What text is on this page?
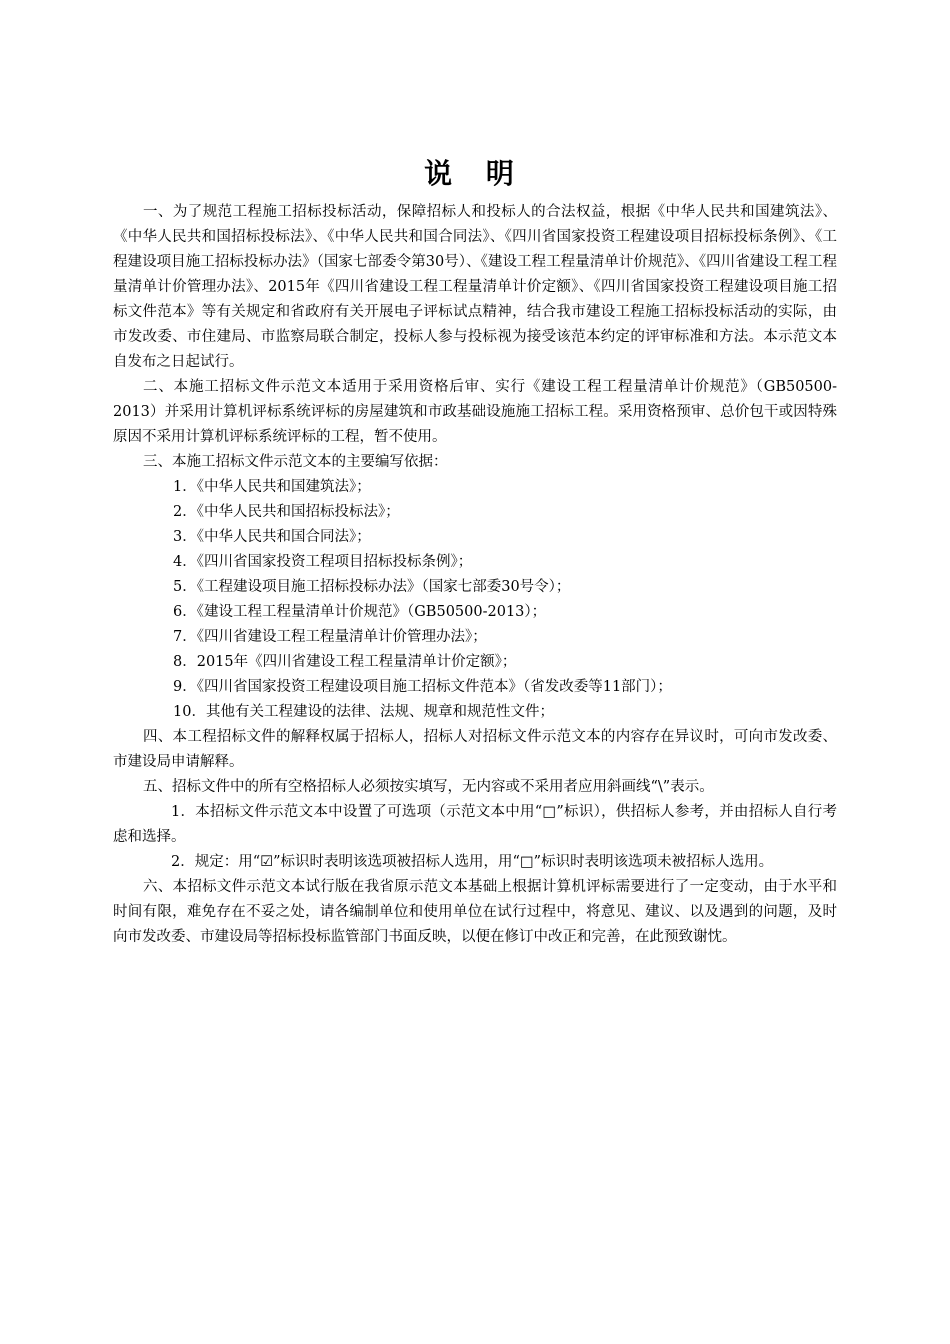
说 明

一、为了规范工程施工招标投标活动，保障招标人和投标人的合法权益，根据《中华人民共和国建筑法》、《中华人民共和国招标投标法》、《中华人民共和国合同法》、《四川省国家投资工程建设项目招标投标条例》、《工程建设项目施工招标投标办法》（国家七部委令第30号）、《建设工程工程量清单计价规范》、《四川省建设工程工程量清单计价管理办法》、2015年《四川省建设工程工程量清单计价定额》、《四川省国家投资工程建设项目施工招标文件范本》等有关规定和省政府有关开展电子评标试点精神，结合我市建设工程施工招标投标活动的实际，由市发改委、市住建局、市监察局联合制定，投标人参与投标视为接受该范本约定的评审标准和方法。本示范文本自发布之日起试行。

二、本施工招标文件示范文本适用于采用资格后审、实行《建设工程工程量清单计价规范》（GB50500-2013）并采用计算机评标系统评标的房屋建筑和市政基础设施施工招标工程。采用资格预审、总价包干或因特殊原因不采用计算机评标系统评标的工程，暂不使用。

三、本施工招标文件示范文本的主要编写依据：

1．《中华人民共和国建筑法》；
2．《中华人民共和国招标投标法》；
3．《中华人民共和国合同法》；
4．《四川省国家投资工程项目招标投标条例》；
5．《工程建设项目施工招标投标办法》（国家七部委30号令）；
6．《建设工程工程量清单计价规范》（GB50500-2013）；
7．《四川省建设工程工程量清单计价管理办法》；
8．2015年《四川省建设工程工程量清单计价定额》；
9．《四川省国家投资工程建设项目施工招标文件范本》（省发改委等11部门）；
10．其他有关工程建设的法律、法规、规章和规范性文件；

四、本工程招标文件的解释权属于招标人，招标人对招标文件示范文本的内容存在异议时，可向市发改委、市建设局申请解释。

五、招标文件中的所有空格招标人必须按实填写，无内容或不采用者应用斜画线“\”表示。

1．本招标文件示范文本中设置了可选项（示范文本中用“□”标识），供招标人参考，并由招标人自行考虑和选择。

2．规定：用“☑”标识时表明该选项被招标人选用，用“□”标识时表明该选项未被招标人选用。

六、本招标文件示范文本试行版在我省原示范文本基础上根据计算机评标需要进行了一定变动，由于水平和时间有限，难免存在不妥之处，请各编制单位和使用单位在试行过程中，将意见、建议、以及遇到的问题，及时向市发改委、市建设局等招标投标监管部门书面反映，以便在修订中改正和完善，在此预致谢忱。
